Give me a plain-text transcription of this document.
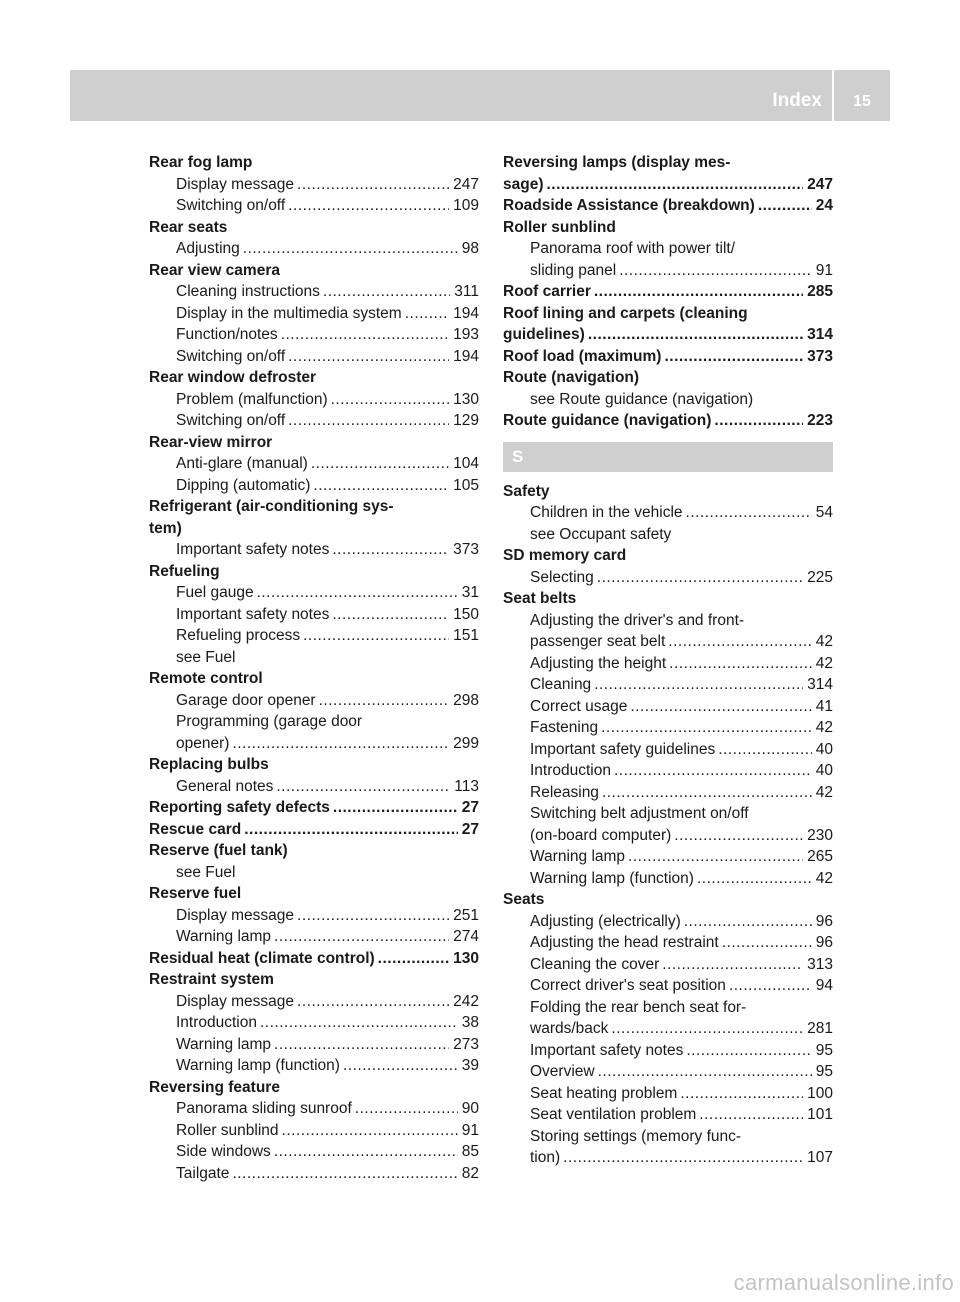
Index	15
Rear fog lamp
Display message .....	247
Switching on/off .....	109
Rear seats
Adjusting .....	98
Rear view camera
Cleaning instructions .....	311
Display in the multimedia system .....	194
Function/notes .....	193
Switching on/off .....	194
Rear window defroster
Problem (malfunction) .....	130
Switching on/off .....	129
Rear-view mirror
Anti-glare (manual) .....	104
Dipping (automatic) .....	105
Refrigerant (air-conditioning sys-
tem)
Important safety notes .....	373
Refueling
Fuel gauge .....	31
Important safety notes .....	150
Refueling process .....	151
see Fuel
Remote control
Garage door opener .....	298
Programming (garage door
opener) .....	299
Replacing bulbs
General notes .....	113
Reporting safety defects .....	27
Rescue card .....	27
Reserve (fuel tank)
see Fuel
Reserve fuel
Display message .....	251
Warning lamp .....	274
Residual heat (climate control) .....	130
Restraint system
Display message .....	242
Introduction .....	38
Warning lamp .....	273
Warning lamp (function) .....	39
Reversing feature
Panorama sliding sunroof .....	90
Roller sunblind .....	91
Side windows .....	85
Tailgate .....	82
Reversing lamps (display mes-
sage) .....	247
Roadside Assistance (breakdown) .....	24
Roller sunblind
Panorama roof with power tilt/
sliding panel .....	91
Roof carrier .....	285
Roof lining and carpets (cleaning
guidelines) .....	314
Roof load (maximum) .....	373
Route (navigation)
see Route guidance (navigation)
Route guidance (navigation) .....	223
S
Safety
Children in the vehicle .....	54
see Occupant safety
SD memory card
Selecting .....	225
Seat belts
Adjusting the driver's and front-
passenger seat belt .....	42
Adjusting the height .....	42
Cleaning .....	314
Correct usage .....	41
Fastening .....	42
Important safety guidelines .....	40
Introduction .....	40
Releasing .....	42
Switching belt adjustment on/off
(on-board computer) .....	230
Warning lamp .....	265
Warning lamp (function) .....	42
Seats
Adjusting (electrically) .....	96
Adjusting the head restraint .....	96
Cleaning the cover .....	313
Correct driver's seat position .....	94
Folding the rear bench seat for-
wards/back .....	281
Important safety notes .....	95
Overview .....	95
Seat heating problem .....	100
Seat ventilation problem .....	101
Storing settings (memory func-
tion) .....	107
carmanualsonline.info
